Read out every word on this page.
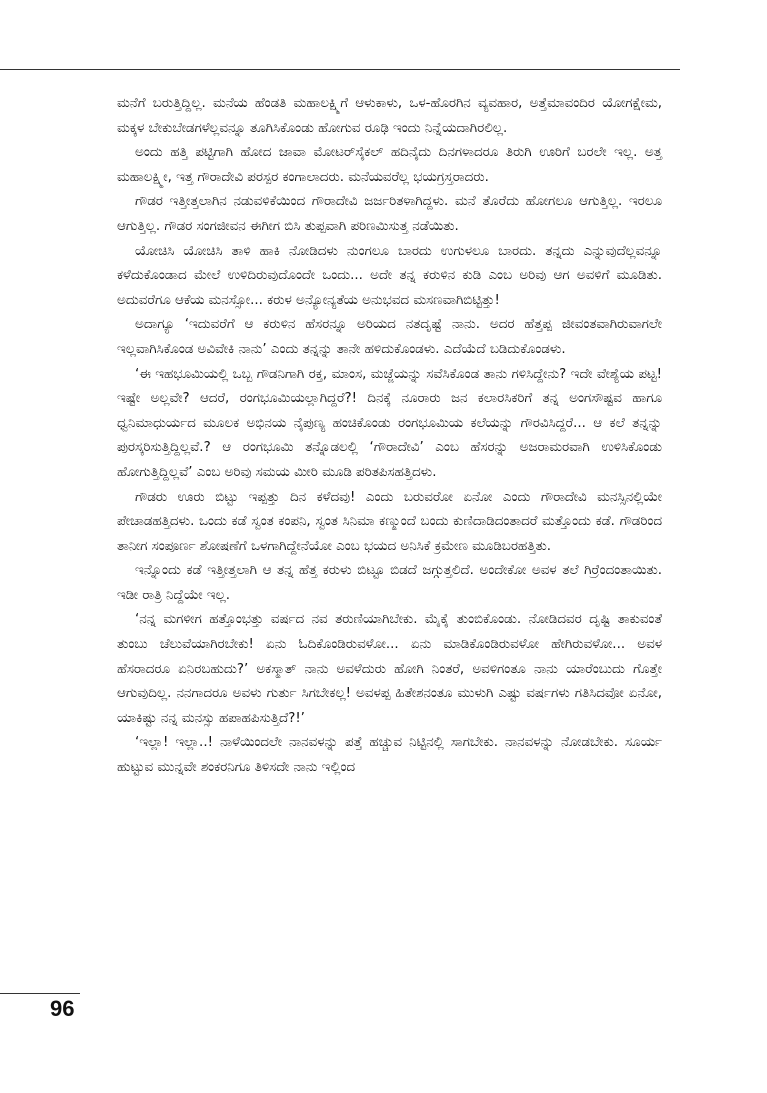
ಮನೆಗೆ ಬರುತ್ತಿದ್ದಿಲ್ಲ. ಮನೆಯ ಹೆಂಡತಿ ಮಹಾಲಕ್ಷ್ಮಿಗೆ ಆಳುಕಾಳು, ಒಳ-ಹೊರಗಿನ ವ್ಯವಹಾರ, ಅತ್ತೆಮಾವಂದಿರ ಯೋಗಕ್ಷೇಮ, ಮಕ್ಕಳ ಬೇಕುಬೇಡಗಳೆಲ್ಲವನ್ನೂ ತೂಗಿಸಿಕೊಂಡು ಹೋಗುವ ರೂಢಿ ಇಂದು ನಿನ್ನೆಯದಾಗಿರಲಿಲ್ಲ.

ಅಂದು ಹತ್ತಿ ಪಟ್ಟಿಗಾಗಿ ಹೋದ ಜಾವಾ ಮೋಟರ್‌ಸೈಕಲ್ ಹದಿನೈದು ದಿನಗಳಾದರೂ ತಿರುಗಿ ಊರಿಗೆ ಬರಲೇ ಇಲ್ಲ. ಅತ್ತ ಮಹಾಲಕ್ಷ್ಮೀ, ಇತ್ತ ಗೌರಾದೇವಿ ಪರಸ್ಪರ ಕಂಗಾಲಾದರು. ಮನೆಯವರೆಲ್ಲ ಭಯಗ್ರಸ್ತರಾದರು.

ಗೌಡರ ಇತ್ತೀತ್ತಲಾಗಿನ ನಡುವಳಿಕೆಯಿಂದ ಗೌರಾದೇವಿ ಜರ್ಜರಿತಳಾಗಿದ್ದಳು. ಮನೆ ತೊರೆದು ಹೋಗಲೂ ಆಗುತ್ತಿಲ್ಲ. ಇರಲೂ ಆಗುತ್ತಿಲ್ಲ. ಗೌಡರ ಸಂಗಜೀವನ ಈಗೀಗ ಬಿಸಿ ತುಪ್ಪವಾಗಿ ಪರಿಣಮಿಸುತ್ತ ನಡೆಯಿತು.

ಯೋಚಿಸಿ ಯೋಚಿಸಿ ತಾಳಿ ಹಾಕಿ ನೋಡಿದಳು ನುಂಗಲೂ ಬಾರದು ಉಗುಳಲೂ ಬಾರದು. ತನ್ನದು ಎನ್ನುವುದೆಲ್ಲವನ್ನೂ ಕಳೆದುಕೊಂಡಾದ ಮೇಲೆ ಉಳಿದಿರುವುದೊಂದೇ ಒಂದು... ಅದೇ ತನ್ನ ಕರುಳಿನ ಕುಡಿ ಎಂಬ ಅರಿವು ಆಗ ಅವಳಿಗೆ ಮೂಡಿತು. ಅದುವರೆಗೂ ಆಕೆಯ ಮನಸ್ಸೋ... ಕರುಳ ಅನ್ಯೋನ್ಯತೆಯ ಅನುಭವದ ಮಸಣವಾಗಿಬಿಟ್ಟಿತ್ತು!

ಅದಾಗ್ಯೂ ‘ಇದುವರೆಗೆ ಆ ಕರುಳಿನ ಹೆಸರನ್ನೂ ಅರಿಯದ ನತದೃಷ್ಟೆ ನಾನು. ಅದರ ಹೆತ್ತಪ್ಪ ಜೀವಂತವಾಗಿರುವಾಗಲೇ ಇಲ್ಲವಾಗಿಸಿಕೊಂಡ ಅವಿವೇಕಿ ನಾನು’ ಎಂದು ತನ್ನನ್ನು ತಾನೇ ಹಳಿದುಕೊಂಡಳು. ಎದೆಯೆದೆ ಬಡಿದುಕೊಂಡಳು.

‘ಈ ಇಹಭೂಮಿಯಲ್ಲಿ ಒಬ್ಬ ಗೌಡನಿಗಾಗಿ ರಕ್ತ, ಮಾಂಸ, ಮಜ್ಜೆಯನ್ನು ಸವೆಸಿಕೊಂಡ ತಾನು ಗಳಿಸಿದ್ದೇನು? ಇದೇ ವೇಶ್ಯೆಯ ಪಟ್ಟ! ಇಷ್ಟೇ ಅಲ್ಲವೇ? ಆದರೆ, ರಂಗಭೂಮಿಯಲ್ಲಾಗಿದ್ದರೆ?! ದಿನಕ್ಕೆ ನೂರಾರು ಜನ ಕಲಾರಸಿಕರಿಗೆ ತನ್ನ ಅಂಗಸೌಷ್ಟವ ಹಾಗೂ ಧ್ವನಿಮಾಧುರ್ಯದ ಮೂಲಕ ಅಭಿನಯ ನೈಪುಣ್ಯ ಹಂಚಿಕೊಂಡು ರಂಗಭೂಮಿಯ ಕಲೆಯನ್ನು ಗೌರವಿಸಿದ್ದರೆ... ಆ ಕಲೆ ತನ್ನನ್ನು ಪುರಸ್ಕರಿಸುತ್ತಿದ್ದಿಲ್ಲವೆ.? ಆ ರಂಗಭೂಮಿ ತನ್ನೊಡಲಲ್ಲಿ ‘ಗೌರಾದೇವಿ’ ಎಂಬ ಹೆಸರನ್ನು ಅಜರಾಮರವಾಗಿ ಉಳಿಸಿಕೊಂಡು ಹೋಗುತ್ತಿದ್ದಿಲ್ಲವೆ’ ಎಂಬ ಅರಿವು ಸಮಯ ಮೀರಿ ಮೂಡಿ ಪರಿತಪಿಸಹತ್ತಿದಳು.

ಗೌಡರು ಊರು ಬಿಟ್ಟು ಇಪ್ಪತ್ತು ದಿನ ಕಳೆದವು! ಎಂದು ಬರುವರೋ ಏನೋ ಎಂದು ಗೌರಾದೇವಿ ಮನಸ್ಸಿನಲ್ಲಿಯೇ ಪೇಚಾಡಹತ್ತಿದಳು. ಒಂದು ಕಡೆ ಸ್ವಂತ ಕಂಪನಿ, ಸ್ವಂತ ಸಿನಿಮಾ ಕಣ್ಮುಂದೆ ಬಂದು ಕುಣಿದಾಡಿದಂತಾದರೆ ಮತ್ತೊಂದು ಕಡೆ. ಗೌಡರಿಂದ ತಾನೀಗ ಸಂಪೂರ್ಣ ಶೋಷಣೆಗೆ ಒಳಗಾಗಿದ್ದೇನೆಯೋ ಎಂಬ ಭಯದ ಅನಿಸಿಕೆ ಕ್ರಮೇಣ ಮೂಡಿಬರಹತ್ತಿತು.

ಇನ್ನೊಂದು ಕಡೆ ಇತ್ತೀತ್ತಲಾಗಿ ಆ ತನ್ನ ಹೆತ್ತ ಕರುಳು ಬಿಟ್ಟೂ ಬಿಡದೆ ಜಗ್ಗುತ್ತಲಿದೆ. ಅಂದೇಕೋ ಅವಳ ತಲೆ ಗಿರ್ರೆಂದಂತಾಯಿತು. ಇಡೀ ರಾತ್ರಿ ನಿದ್ದೆಯೇ ಇಲ್ಲ.

‘ನನ್ನ ಮಗಳೀಗ ಹತ್ತೊಂಭತ್ತು ವರ್ಷದ ನವ ತರುಣಿಯಾಗಿಬೇಕು. ಮೈಕೈ ತುಂಬಿಕೊಂಡು. ನೋಡಿದವರ ದೃಷ್ಟಿ ತಾಕುವಂತೆ ತುಂಬು ಚೆಲುವೆಯಾಗಿರಬೇಕು! ಏನು ಓದಿಕೊಂಡಿರುವಳೋ... ಏನು ಮಾಡಿಕೊಂಡಿರುವಳೋ ಹೇಗಿರುವಳೋ... ಅವಳ ಹೆಸರಾದರೂ ಏನಿರಬಹುದು?’ ಅಕಸ್ಮಾತ್ ನಾನು ಅವಳೆದುರು ಹೋಗಿ ನಿಂತರೆ, ಅವಳಿಗಂತೂ ನಾನು ಯಾರೆಂಬುದು ಗೊತ್ತೇ ಆಗುವುದಿಲ್ಲ. ನನಗಾದರೂ ಅವಳು ಗುರ್ತು ಸಿಗಬೇಕಲ್ಲ! ಅವಳಪ್ಪ ಹಿತೇಶನಂತೂ ಮುಳುಗಿ ಎಷ್ಟು ವರ್ಷಗಳು ಗತಿಸಿದವೋ ಏನೋ, ಯಾಕಿಷ್ಟು ನನ್ನ ಮನಸ್ಸು ಹಪಾಹಪಿಸುತ್ತಿದೆ?!’

‘ಇಲ್ಲಾ! ಇಲ್ಲಾ..! ನಾಳೆಯಿಂದಲೇ ನಾನವಳನ್ನು ಪತ್ತೆ ಹಚ್ಚುವ ನಿಟ್ಟಿನಲ್ಲಿ ಸಾಗಬೇಕು. ನಾನವಳನ್ನು ನೋಡಬೇಕು. ಸೂರ್ಯ ಹುಟ್ಟುವ ಮುನ್ನವೇ ಶಂಕರನಿಗೂ ತಿಳಿಸದೇ ನಾನು ಇಲ್ಲಿಂದ

96
